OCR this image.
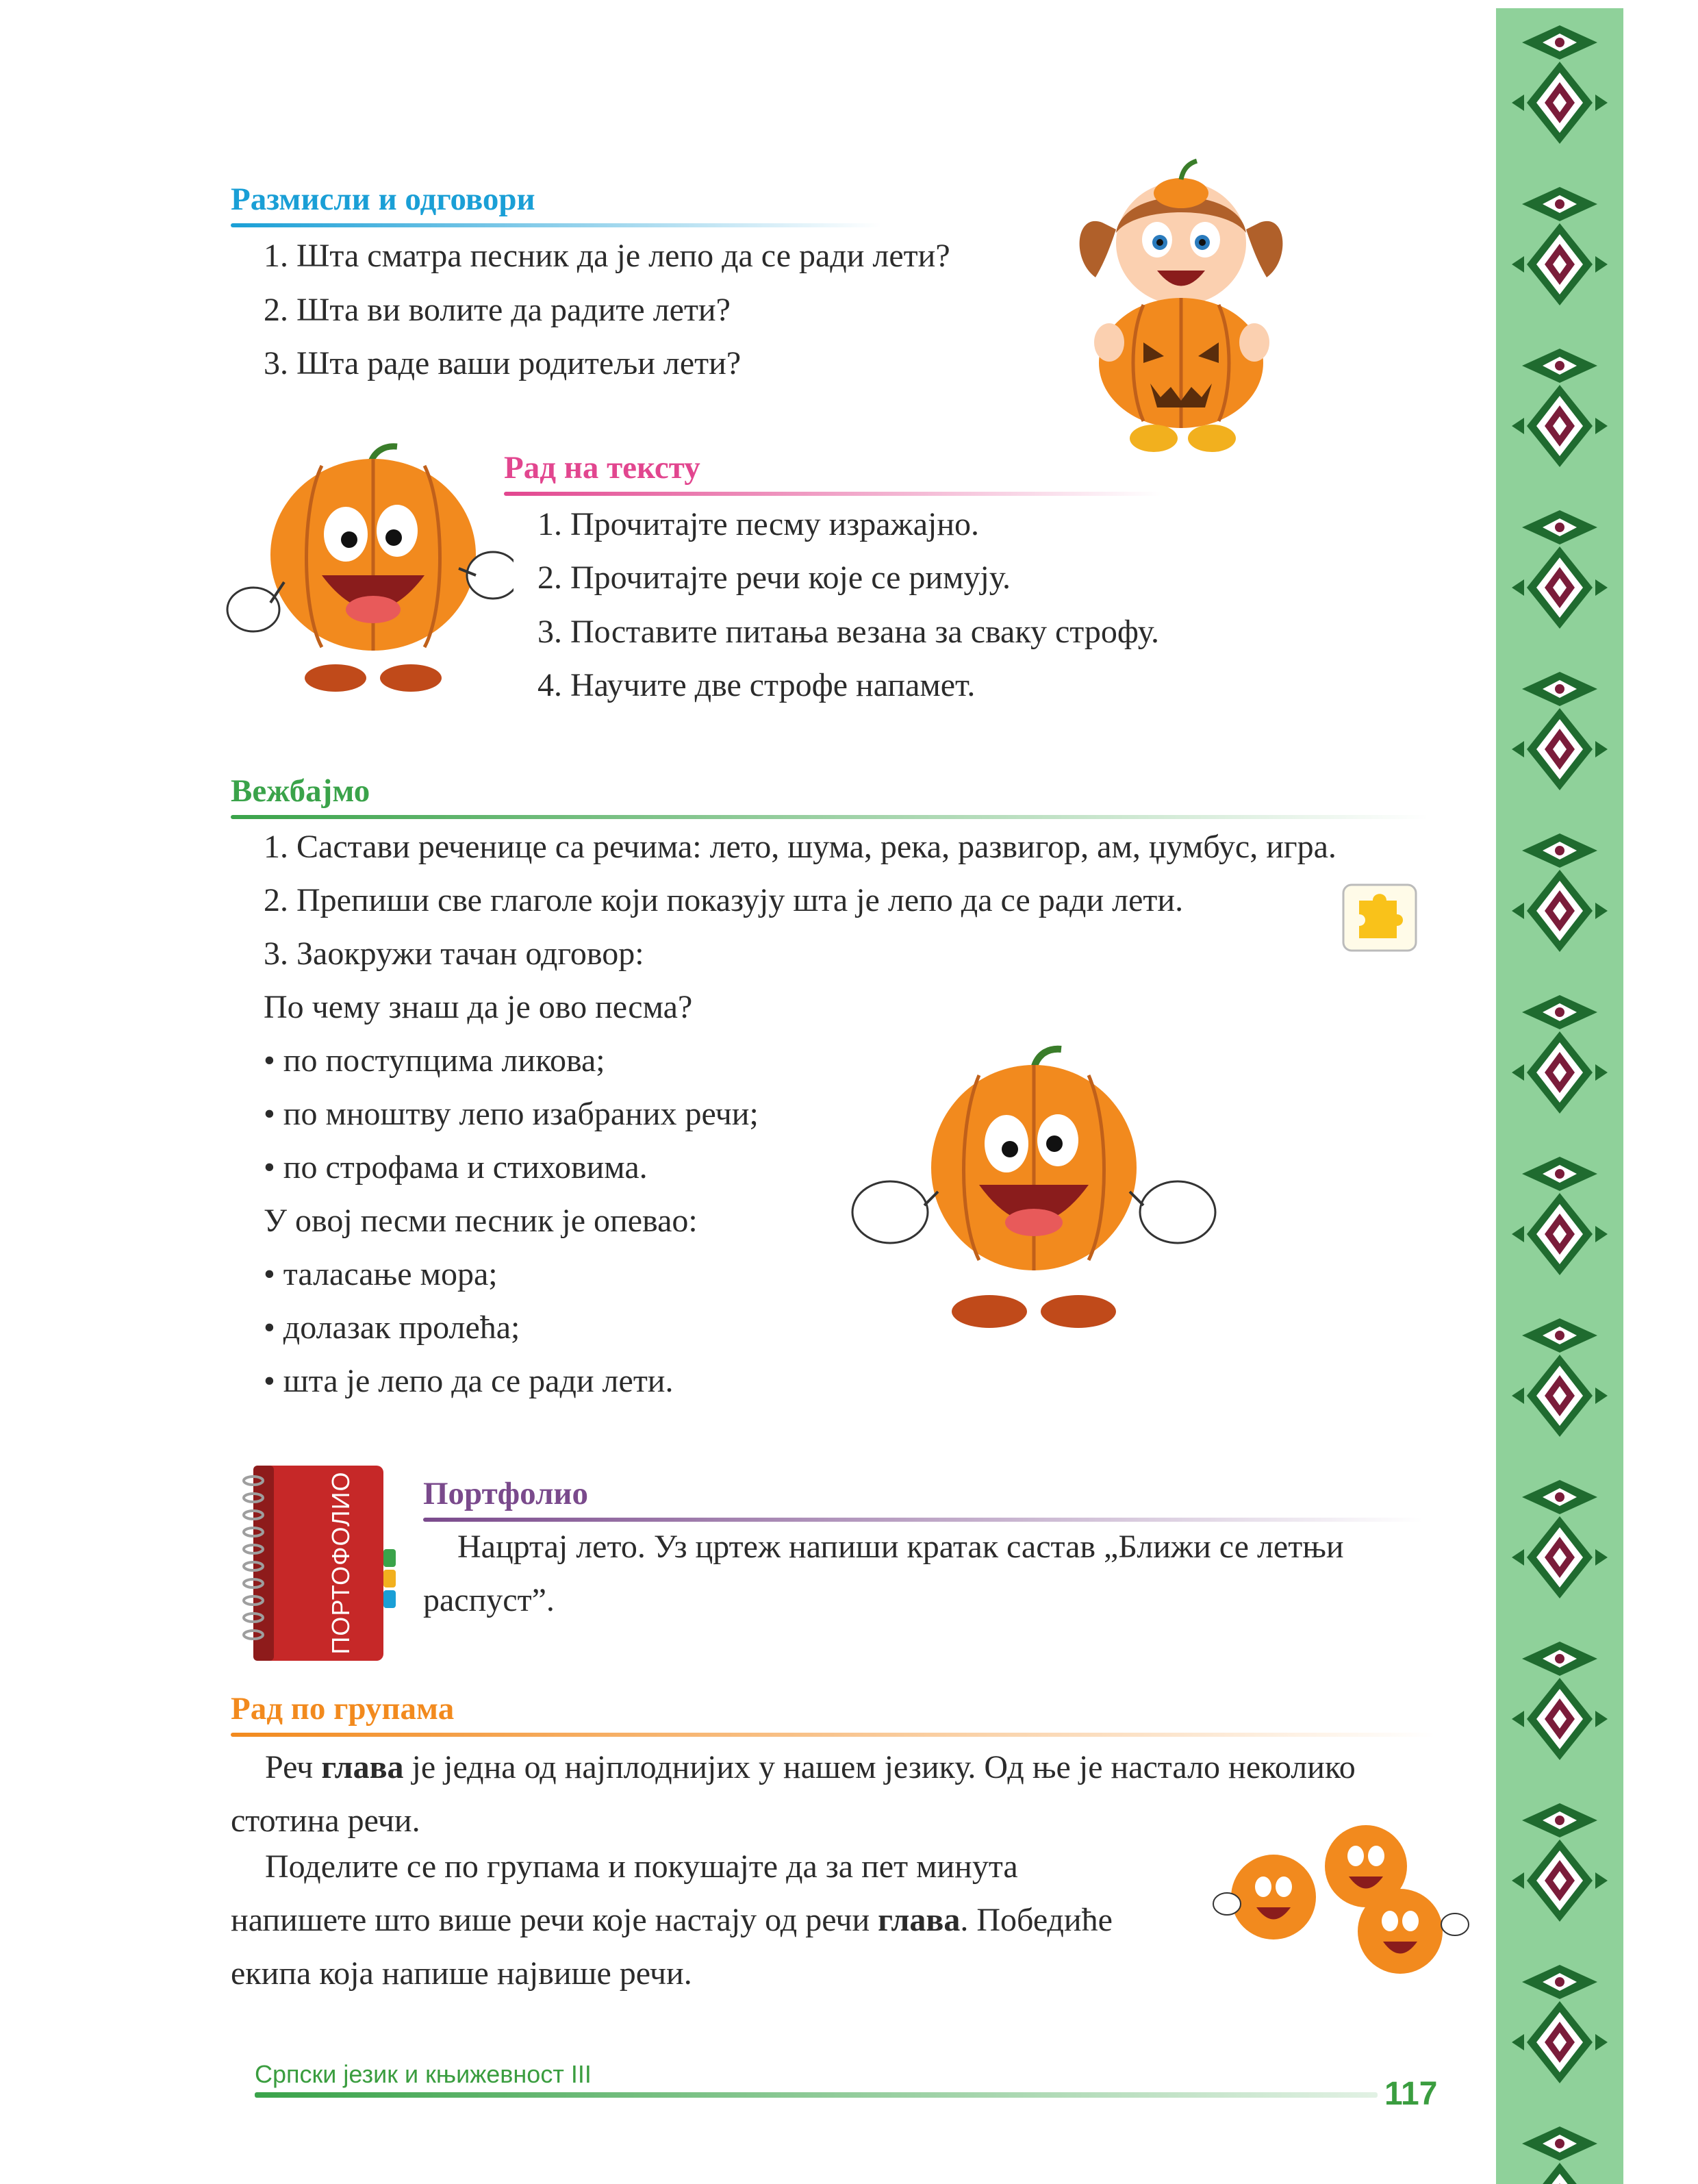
Размисли и одговори
1. Шта сматра песник да је лепо да се ради лети?
2. Шта ви волите да радите лети?
3. Шта раде ваши родитељи лети?
Рад на тексту
1. Прочитајте песму изражајно.
2. Прочитајте речи које се римују.
3. Поставите питања везана за сваку строфу.
4. Научите две строфе напамет.
Вежбајмо
1. Састави реченице са речима: лето, шума, река, развигор, ам, џумбус, игра.
2. Препиши све глаголе који показују шта је лепо да се ради лети.
3. Заокружи тачан одговор:
По чему знаш да је ово песма?
• по поступцима ликова;
• по мноштву лепо изабраних речи;
• по строфама и стиховима.
У овој песми песник је опевао:
• таласање мора;
• долазак пролећа;
• шта је лепо да се ради лети.
ПОРТОФОЛИО Портфолио
Нацртај лето. Уз цртеж напиши кратак састав „Ближи се летњи
распуст”.
Рад по групама
Реч глава је једна од најплоднијих у нашем језику. Од ње је настало неколико стотина речи.
Поделите се по групама и покушајте да за пет минута
напишете што више речи које настају од речи глава. Победиће
екипа која напише највише речи.
Српски језик и књижевност III
117
